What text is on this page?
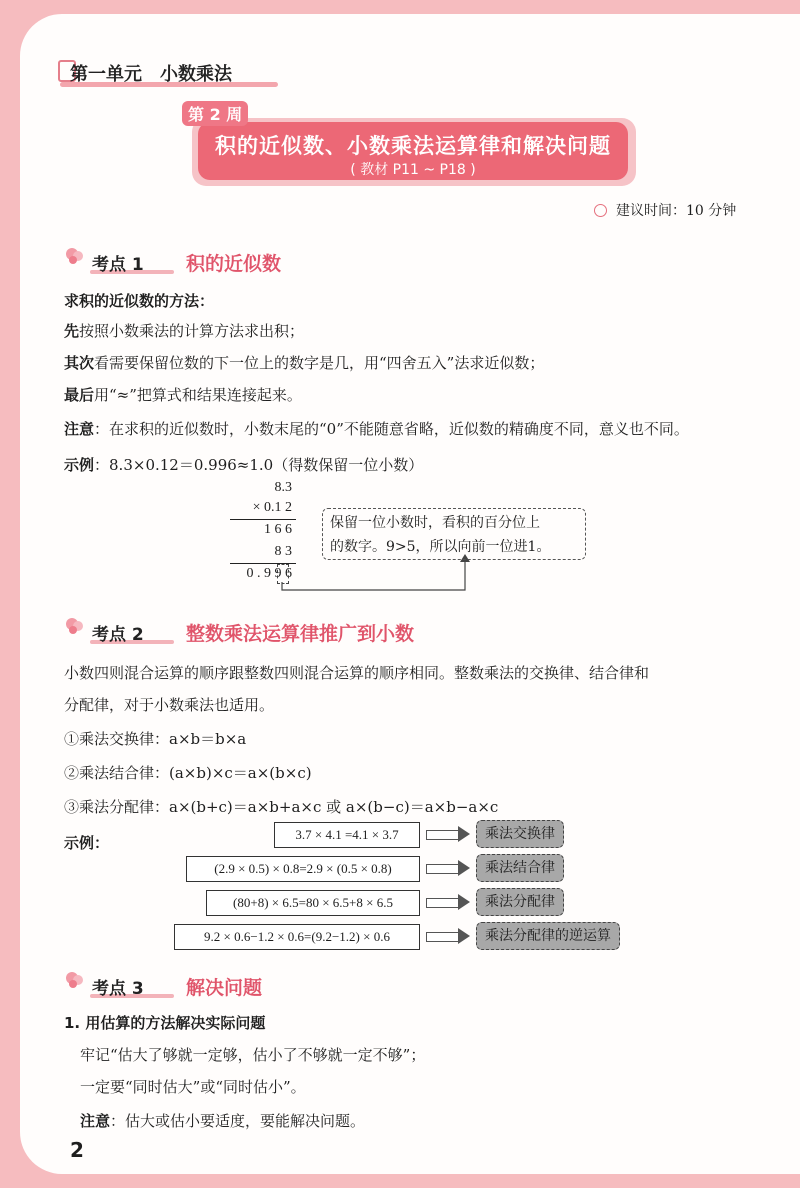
第一单元　小数乘法
第 2 周
积的近似数、小数乘法运算律和解决问题
( 教材 P11 ~ P18 )
建议时间：10 分钟
考点 1 积的近似数
求积的近似数的方法：
先按照小数乘法的计算方法求出积；
其次看需要保留位数的下一位上的数字是几，用“四舍五入”法求近似数；
最后用“≈”把算式和结果连接起来。
注意：在求积的近似数时，小数末尾的“0”不能随意省略，近似数的精确度不同，意义也不同。
示例：8.3×0.12＝0.996≈1.0（得数保留一位小数）
8.3
× 0.1 2
1 6 6
8 3
0 . 9 9 6
保留一位小数时，看积的百分位上
的数字。9>5，所以向前一位进1。
考点 2 整数乘法运算律推广到小数
小数四则混合运算的顺序跟整数四则混合运算的顺序相同。整数乘法的交换律、结合律和
分配律，对于小数乘法也适用。
①乘法交换律：a×b＝b×a
②乘法结合律：(a×b)×c＝a×(b×c)
③乘法分配律：a×(b+c)＝a×b+a×c 或 a×(b−c)＝a×b−a×c
示例：	3.7 × 4.1 =4.1 × 3.7	乘法交换律
(2.9 × 0.5) × 0.8=2.9 × (0.5 × 0.8)	乘法结合律
(80+8) × 6.5=80 × 6.5+8 × 6.5	乘法分配律
9.2 × 0.6−1.2 × 0.6=(9.2−1.2) × 0.6	乘法分配律的逆运算
考点 3 解决问题
1. 用估算的方法解决实际问题
牢记“估大了够就一定够，估小了不够就一定不够”；
一定要“同时估大”或“同时估小”。
注意：估大或估小要适度，要能解决问题。
2
